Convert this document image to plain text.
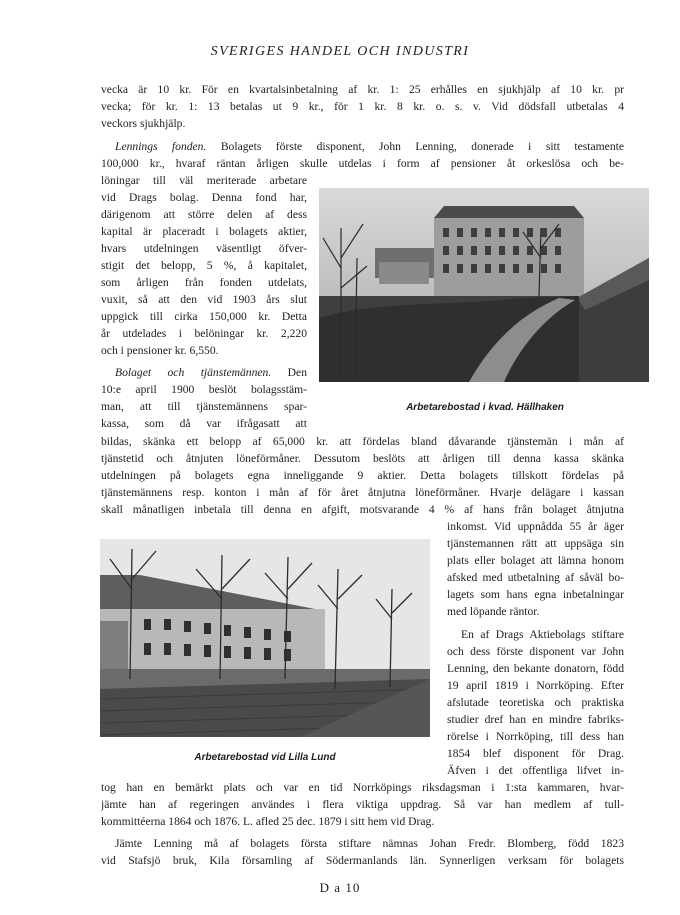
SVERIGES HANDEL OCH INDUSTRI
vecka är 10 kr. För en kvartalsinbetalning af kr. 1: 25 erhålles en sjukhjälp af 10 kr. pr
vecka; för kr. 1: 13 betalas ut 9 kr., för 1 kr. 8 kr. o. s. v. Vid dödsfall utbetalas 4
veckors sjukhjälp.
Lennings fonden. Bolagets förste disponent, John Lenning, donerade i sitt testamente
100,000 kr., hvaraf räntan årligen skulle utdelas i form af pensioner åt orkeslösa och be-
löningar till väl meriterade arbetare
vid Drags bolag. Denna fond har,
därigenom att större delen af dess
kapital är placeradt i bolagets aktier,
hvars utdelningen väsentligt öfver-
stigit det belopp, 5 %, å kapitalet,
som årligen från fonden utdelats,
vuxit, så att den vid 1903 års slut
uppgick till cirka 150,000 kr. Detta
år utdelades i belöningar kr. 2,220
och i pensioner kr. 6,550.
Bolaget och tjänstemännen. Den
10:e april 1900 beslöt bolagsstäm-
man, att till tjänstemännens spar-
kassa, som då var ifrågasatt att
bildas, skänka ett belopp af 65,000 kr. att fördelas bland dåvarande tjänstemän i mån af
tjänstetid och åtnjuten löneförmåner. Dessutom beslöts att årligen till denna kassa skänka
utdelningen på bolagets egna inneliggande 9 aktier. Detta bolagets tillskott fördelas på
tjänstemännens resp. konton i mån af för året åtnjutna löneförmåner. Hvarje delägare i kassan
skall månatligen inbetala till denna en afgift, motsvarande 4 % af hans från bolaget åtnjutna
inkomst. Vid uppnådda 55 år äger
tjänstemannen rätt att uppsäga sin
plats eller bolaget att lämna honom
afsked med utbetalning af såväl bo-
lagets som hans egna inbetalningar
med löpande räntor.
En af Drags Aktiebolags stiftare
och dess förste disponent var John
Lenning, den bekante donatorn, född
19 april 1819 i Norrköping. Efter
afslutade teoretiska och praktiska
studier dref han en mindre fabriks-
rörelse i Norrköping, till dess han
1854 blef disponent för Drag.
Äfven i det offentliga lifvet in-
tog han en bemärkt plats och var en tid Norrköpings riksdagsman i 1:sta kammaren, hvar-
jämte han af regeringen användes i flera viktiga uppdrag. Så var han medlem af tull-
kommittéerna 1864 och 1876. L. afled 25 dec. 1879 i sitt hem vid Drag.
Jämte Lenning må af bolagets första stiftare nämnas Johan Fredr. Blomberg, född 1823
vid Stafsjö bruk, Kila församling af Södermanlands län. Synnerligen verksam för bolagets
Arbetarebostad i kvad. Hällhaken
Arbetarebostad vid Lilla Lund
D a 10
